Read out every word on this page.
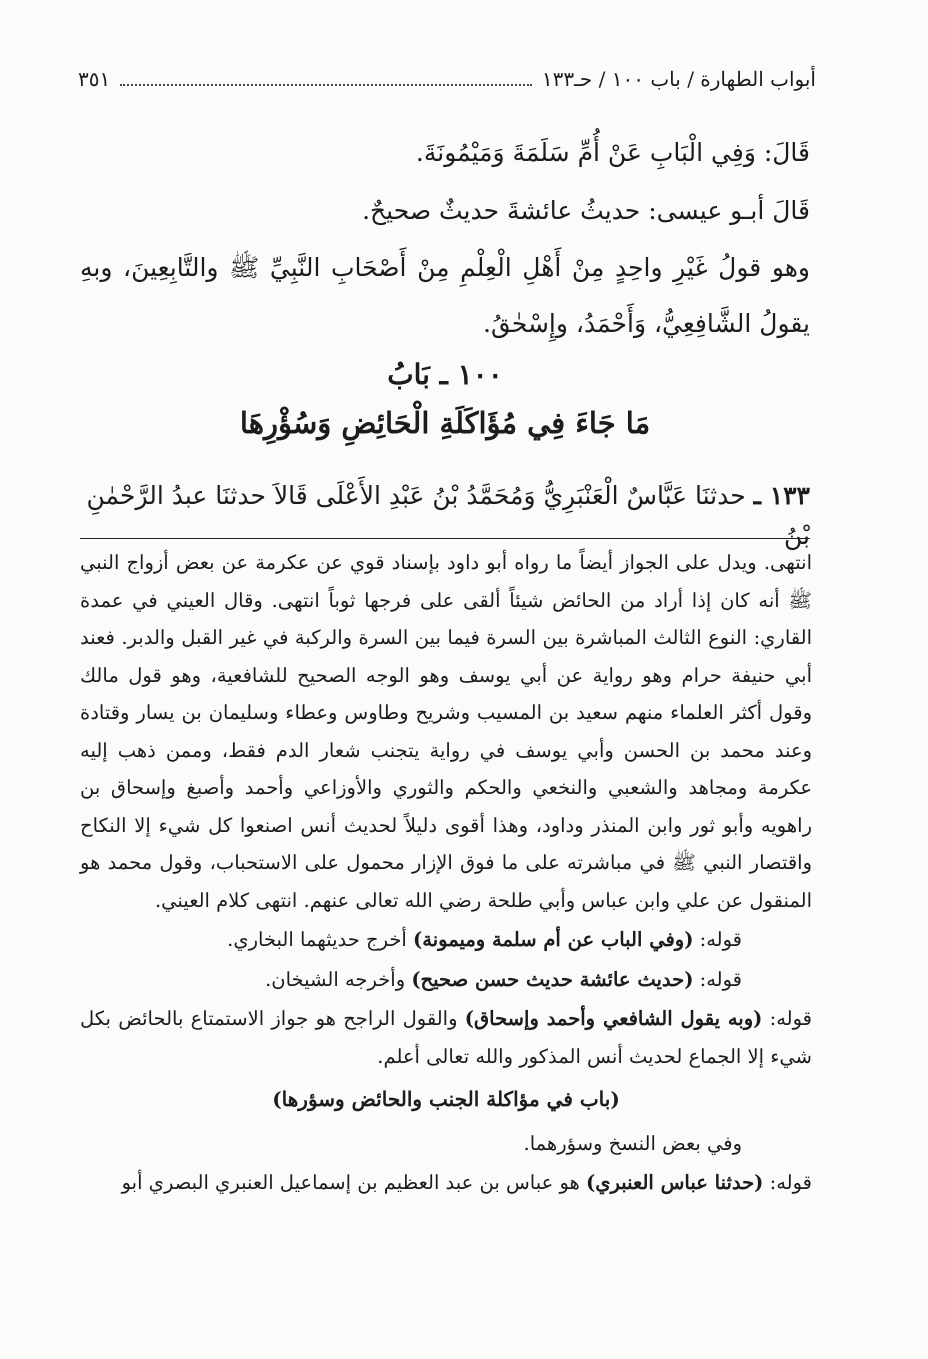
أبواب الطهارة / باب ١٠٠ / حـ١٣٣
٣٥١
قَالَ: وَفِي الْبَابِ عَنْ أُمِّ سَلَمَةَ وَمَيْمُونَةَ.
قَالَ أبـو عيسى: حديثُ عائشةَ حديثٌ صحيحٌ.
وهو قولُ غَيْرِ واحِدٍ مِنْ أَهْلِ الْعِلْمِ مِنْ أَصْحَابِ النَّبِيِّ ﷺ والتَّابِعِينَ، وبهِ يقولُ الشَّافِعِيُّ، وَأَحْمَدُ، وإِسْحٰقُ.
١٠٠ ـ بَابُ
مَا جَاءَ فِي مُؤَاكَلَةِ الْحَائِضِ وَسُؤْرِهَا
١٣٣ ـ حدثنَا عَبَّاسٌ الْعَنْبَرِيُّ وَمُحَمَّدُ بْنُ عَبْدِ الأَعْلَى قَالاَ حدثنَا عبدُ الرَّحْمٰنِ بْنُ

انتهى. ويدل على الجواز أيضاً ما رواه أبو داود بإسناد قوي عن عكرمة عن بعض أزواج النبي ﷺ أنه كان إذا أراد من الحائض شيئاً ألقى على فرجها ثوباً انتهى. وقال العيني في عمدة القاري: النوع الثالث المباشرة بين السرة فيما بين السرة والركبة في غير القبل والدبر. فعند أبي حنيفة حرام وهو رواية عن أبي يوسف وهو الوجه الصحيح للشافعية، وهو قول مالك وقول أكثر العلماء منهم سعيد بن المسيب وشريح وطاوس وعطاء وسليمان بن يسار وقتادة وعند محمد بن الحسن وأبي يوسف في رواية يتجنب شعار الدم فقط، وممن ذهب إليه عكرمة ومجاهد والشعبي والنخعي والحكم والثوري والأوزاعي وأحمد وأصبغ وإسحاق بن راهويه وأبو ثور وابن المنذر وداود، وهذا أقوى دليلاً لحديث أنس اصنعوا كل شيء إلا النكاح واقتصار النبي ﷺ في مباشرته على ما فوق الإزار محمول على الاستحباب، وقول محمد هو المنقول عن علي وابن عباس وأبي طلحة رضي الله تعالى عنهم. انتهى كلام العيني.

قوله: (وفي الباب عن أم سلمة وميمونة) أخرج حديثهما البخاري.

قوله: (حديث عائشة حديث حسن صحيح) وأخرجه الشيخان.

قوله: (وبه يقول الشافعي وأحمد وإسحاق) والقول الراجح هو جواز الاستمتاع بالحائض بكل شيء إلا الجماع لحديث أنس المذكور والله تعالى أعلم.

(باب في مؤاكلة الجنب والحائض وسؤرها)

وفي بعض النسخ وسؤرهما.

قوله: (حدثنا عباس العنبري) هو عباس بن عبد العظيم بن إسماعيل العنبري البصري أبو
